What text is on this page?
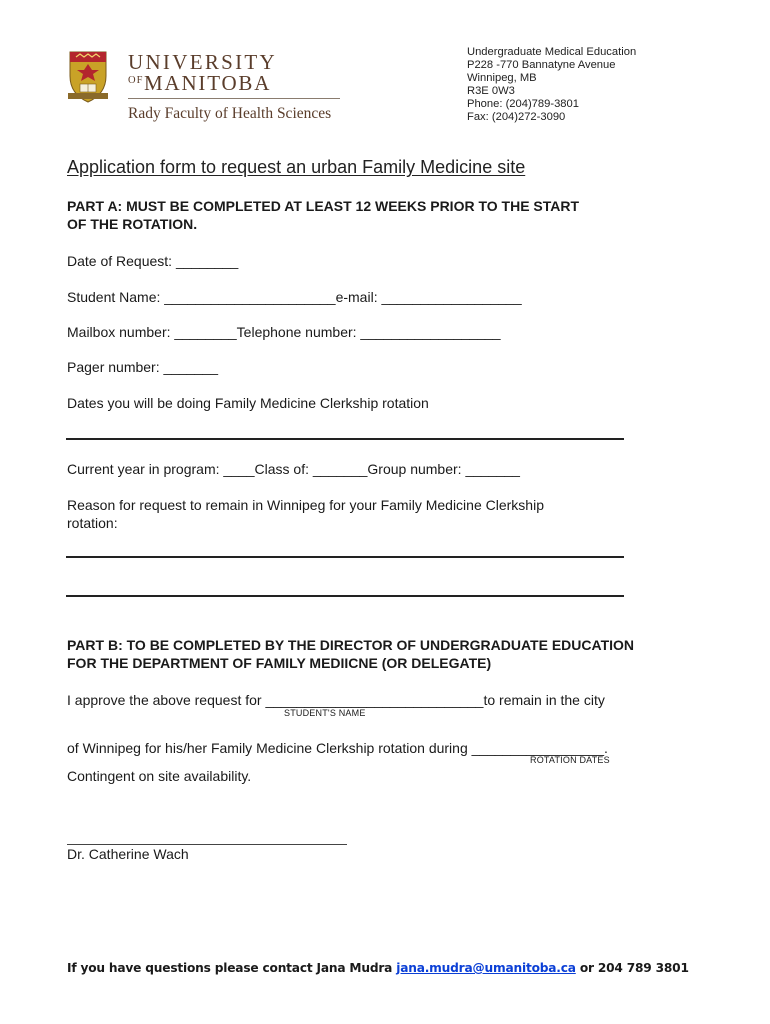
UNIVERSITY
OF MANITOBA
Rady Faculty of Health Sciences
Undergraduate Medical Education
P228 -770 Bannatyne Avenue
Winnipeg, MB
R3E 0W3
Phone: (204)789-3801
Fax: (204)272-3090
Application form to request an urban Family Medicine site
PART A: MUST BE COMPLETED AT LEAST 12 WEEKS PRIOR TO THE START
OF THE ROTATION.
Date of Request: ________
Student Name: ______________________e-mail: __________________
Mailbox number: ________Telephone number: __________________
Pager number: _______
Dates you will be doing Family Medicine Clerkship rotation
Current year in program: ____Class of: _______Group number: _______
Reason for request to remain in Winnipeg for your Family Medicine Clerkship
rotation:
PART B: TO BE COMPLETED BY THE DIRECTOR OF UNDERGRADUATE EDUCATION
FOR THE DEPARTMENT OF FAMILY MEDIICNE (OR DELEGATE)
I approve the above request for ____________________________to remain in the city
STUDENT'S NAME
of Winnipeg for his/her Family Medicine Clerkship rotation during _________________.
ROTATION DATES
Contingent on site availability.
Dr. Catherine Wach
If you have questions please contact Jana Mudra jana.mudra@umanitoba.ca or 204 789 3801
